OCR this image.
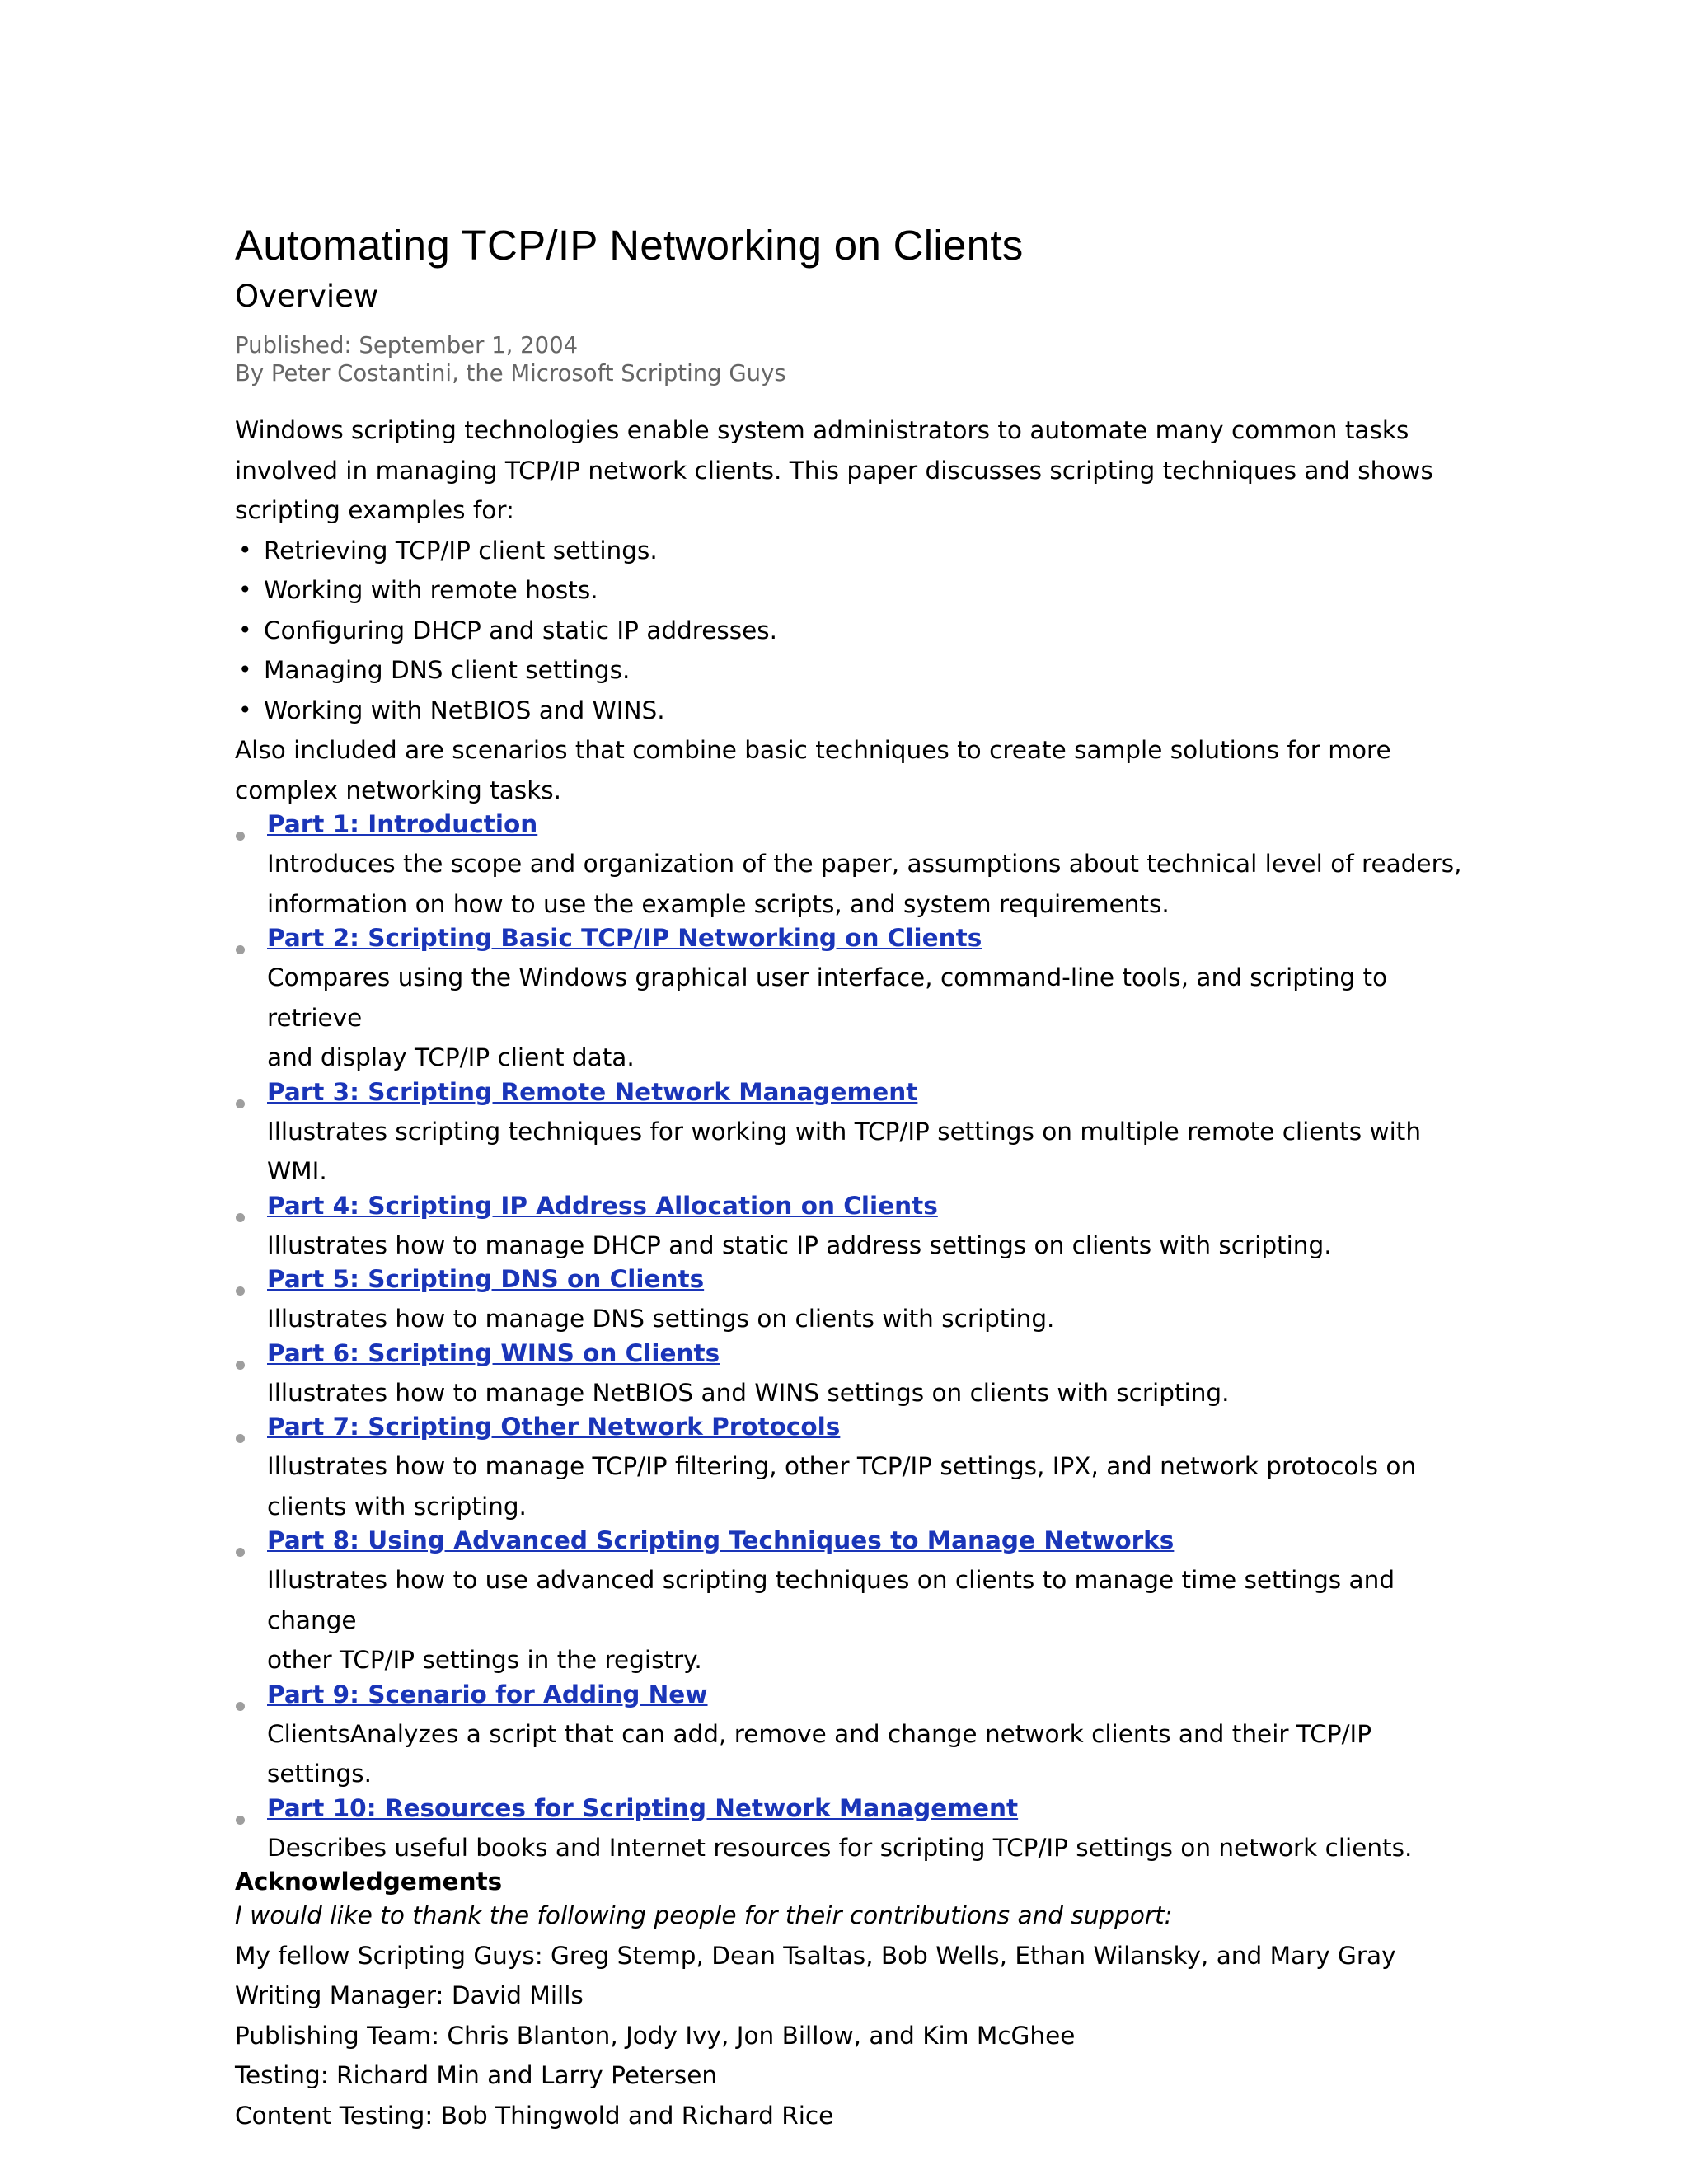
Automating TCP/IP Networking on Clients
Overview
Published: September 1, 2004
By Peter Costantini, the Microsoft Scripting Guys
Windows scripting technologies enable system administrators to automate many common tasks
involved in managing TCP/IP network clients. This paper discusses scripting techniques and shows
scripting examples for:
• Retrieving TCP/IP client settings.
• Working with remote hosts.
• Configuring DHCP and static IP addresses.
• Managing DNS client settings.
• Working with NetBIOS and WINS.
Also included are scenarios that combine basic techniques to create sample solutions for more
complex networking tasks.
Part 1: Introduction
Introduces the scope and organization of the paper, assumptions about technical level of readers,
information on how to use the example scripts, and system requirements.
Part 2: Scripting Basic TCP/IP Networking on Clients
Compares using the Windows graphical user interface, command-line tools, and scripting to retrieve
and display TCP/IP client data.
Part 3: Scripting Remote Network Management
Illustrates scripting techniques for working with TCP/IP settings on multiple remote clients with
WMI.
Part 4: Scripting IP Address Allocation on Clients
Illustrates how to manage DHCP and static IP address settings on clients with scripting.
Part 5: Scripting DNS on Clients
Illustrates how to manage DNS settings on clients with scripting.
Part 6: Scripting WINS on Clients
Illustrates how to manage NetBIOS and WINS settings on clients with scripting.
Part 7: Scripting Other Network Protocols
Illustrates how to manage TCP/IP filtering, other TCP/IP settings, IPX, and network protocols on
clients with scripting.
Part 8: Using Advanced Scripting Techniques to Manage Networks
Illustrates how to use advanced scripting techniques on clients to manage time settings and change
other TCP/IP settings in the registry.
Part 9: Scenario for Adding New
ClientsAnalyzes a script that can add, remove and change network clients and their TCP/IP settings.
Part 10: Resources for Scripting Network Management
Describes useful books and Internet resources for scripting TCP/IP settings on network clients.
Acknowledgements
I would like to thank the following people for their contributions and support:
My fellow Scripting Guys: Greg Stemp, Dean Tsaltas, Bob Wells, Ethan Wilansky, and Mary Gray
Writing Manager: David Mills
Publishing Team: Chris Blanton, Jody Ivy, Jon Billow, and Kim McGhee
Testing: Richard Min and Larry Petersen
Content Testing: Bob Thingwold and Richard Rice
